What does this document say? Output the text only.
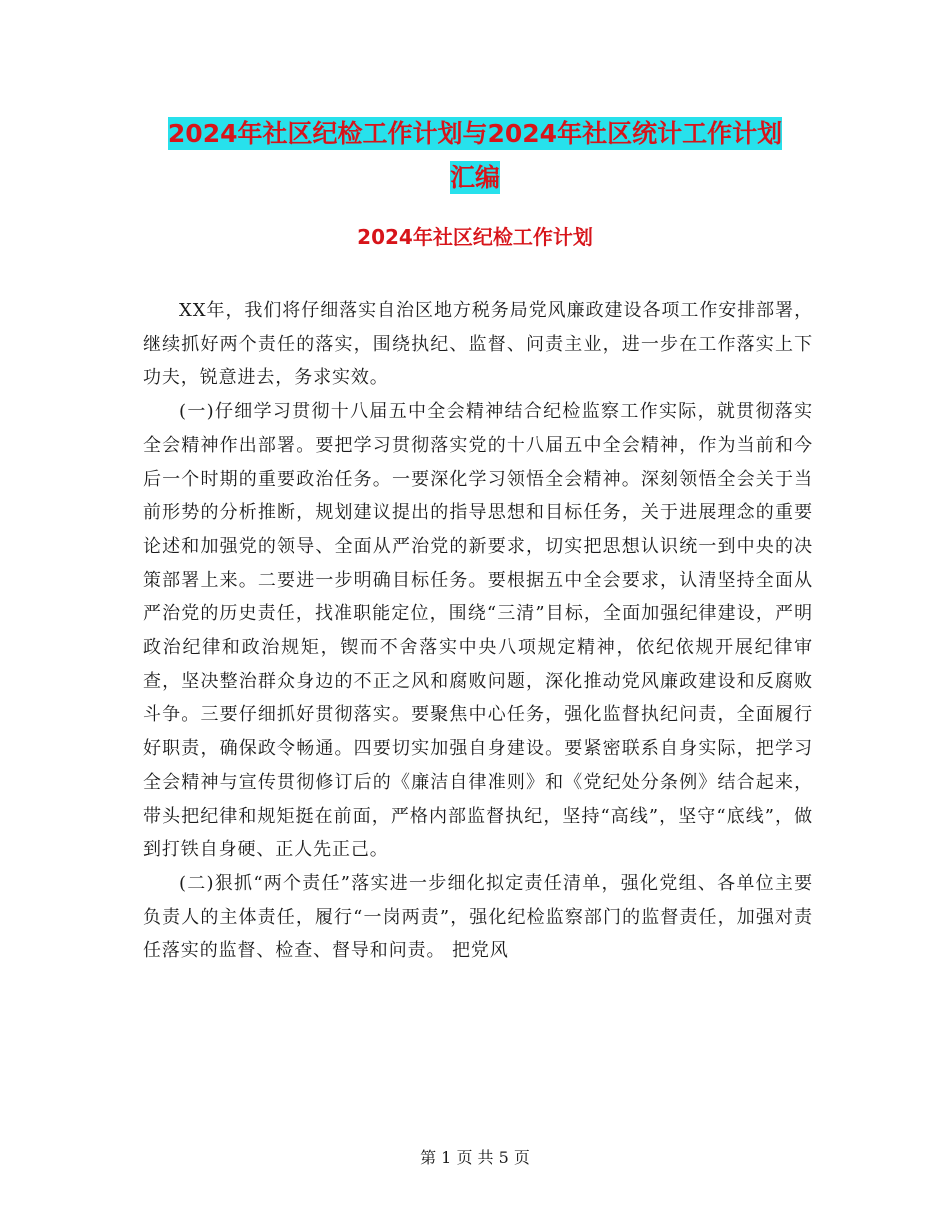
2024年社区纪检工作计划与2024年社区统计工作计划
汇编
2024年社区纪检工作计划

XX年，我们将仔细落实自治区地方税务局党风廉政建设各项工作安排部署，继续抓好两个责任的落实，围绕执纪、监督、问责主业，进一步在工作落实上下功夫，锐意进去，务求实效。

(一)仔细学习贯彻十八届五中全会精神结合纪检监察工作实际，就贯彻落实全会精神作出部署。要把学习贯彻落实党的十八届五中全会精神，作为当前和今后一个时期的重要政治任务。一要深化学习领悟全会精神。深刻领悟全会关于当前形势的分析推断，规划建议提出的指导思想和目标任务，关于进展理念的重要论述和加强党的领导、全面从严治党的新要求，切实把思想认识统一到中央的决策部署上来。二要进一步明确目标任务。要根据五中全会要求，认清坚持全面从严治党的历史责任，找准职能定位，围绕“三清”目标，全面加强纪律建设，严明政治纪律和政治规矩，锲而不舍落实中央八项规定精神，依纪依规开展纪律审查，坚决整治群众身边的不正之风和腐败问题，深化推动党风廉政建设和反腐败斗争。三要仔细抓好贯彻落实。要聚焦中心任务，强化监督执纪问责，全面履行好职责，确保政令畅通。四要切实加强自身建设。要紧密联系自身实际，把学习全会精神与宣传贯彻修订后的《廉洁自律准则》和《党纪处分条例》结合起来，带头把纪律和规矩挺在前面，严格内部监督执纪，坚持“高线”，坚守“底线”，做到打铁自身硬、正人先正己。

(二)狠抓“两个责任”落实进一步细化拟定责任清单，强化党组、各单位主要负责人的主体责任，履行“一岗两责”，强化纪检监察部门的监督责任，加强对责任落实的监督、检查、督导和问责。 把党风

第 1 页 共 5 页
